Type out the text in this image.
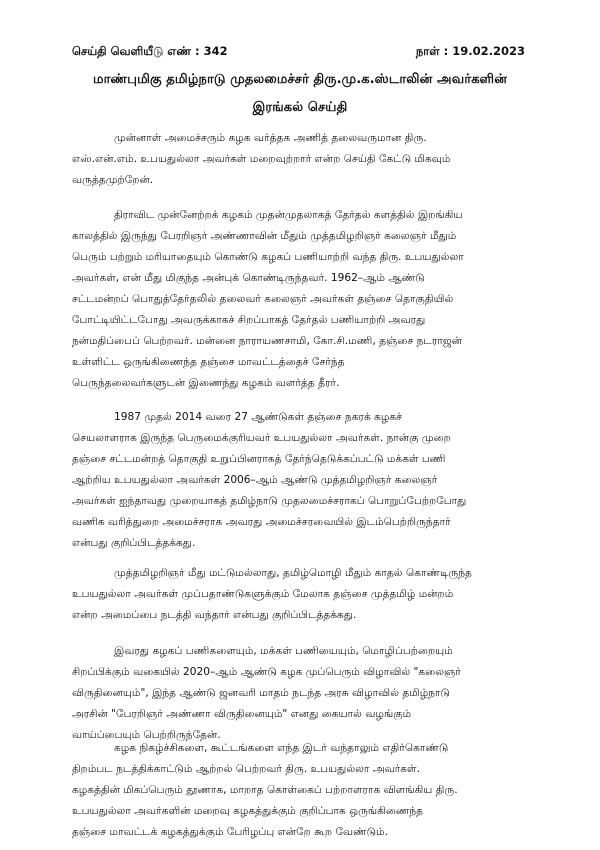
செய்தி வெளியீடு எண் : 342	நாள் : 19.02.2023
மாண்புமிகு தமிழ்நாடு முதலமைச்சர் திரு.மு.க.ஸ்டாலின் அவர்களின்
இரங்கல் செய்தி
முன்னாள் அமைச்சரும் கழக வர்த்தக அணித் தலைவருமான திரு.
எஸ்.என்.எம். உபயதுல்லா அவர்கள் மறைவுற்றார் என்ற செய்தி கேட்டு மிகவும்
வருத்தமுற்றேன்.
திராவிட முன்னேற்றக் கழகம் முதன்முதலாகத் தேர்தல் களத்தில் இறங்கிய
காலத்தில் இருந்து பேரறிஞர் அண்ணாவின் மீதும் முத்தமிழறிஞர் கலைஞர் மீதும்
பெரும் பற்றும் மரியாதையும் கொண்டு கழகப் பணியாற்றி வந்த திரு. உபயதுல்லா
அவர்கள், என் மீது மிகுந்த அன்புக் கொண்டிருந்தவர். 1962–ஆம் ஆண்டு
சட்டமன்றப் பொதுத்தேர்தலில் தலைவர் கலைஞர் அவர்கள் தஞ்சை தொகுதியில்
போட்டியிட்டபோது அவருக்காகச் சிறப்பாகத் தேர்தல் பணியாற்றி அவரது
நன்மதிப்பைப் பெற்றவர். மன்னை நாராயணசாமி, கோ.சி.மணி, தஞ்சை நடராஜன்
உள்ளிட்ட ஒருங்கிணைந்த தஞ்சை மாவட்டத்தைச் சேர்ந்த
பெருந்தலைவர்களுடன் இணைந்து கழகம் வளர்த்த தீரர்.
1987 முதல் 2014 வரை 27 ஆண்டுகள் தஞ்சை நகரக் கழகச்
செயலாளராக இருந்த பெருமைக்குரியவர் உபயதுல்லா அவர்கள். நான்கு முறை
தஞ்சை சட்டமன்றத் தொகுதி உறுப்பினராகத் தேர்ந்தெடுக்கப்பட்டு மக்கள் பணி
ஆற்றிய உபயதுல்லா அவர்கள் 2006–ஆம் ஆண்டு முத்தமிழறிஞர் கலைஞர்
அவர்கள் ஐந்தாவது முறையாகத் தமிழ்நாடு முதலமைச்சராகப் பொறுப்பேற்றபோது
வணிக வரித்துறை அமைச்சராக அவரது அமைச்சரவையில் இடம்பெற்றிருந்தார்
என்பது குறிப்பிடத்தக்கது.
முத்தமிழறிஞர் மீது மட்டுமல்லாது, தமிழ்மொழி மீதும் காதல் கொண்டிருந்த
உபயதுல்லா அவர்கள் முப்பதாண்டுகளுக்கும் மேலாக தஞ்சை முத்தமிழ் மன்றம்
என்ற அமைப்பை நடத்தி வந்தார் என்பது குறிப்பிடத்தக்கது.
இவரது கழகப் பணிகளையும், மக்கள் பணியையும், மொழிப்பற்றையும்
சிறப்பிக்கும் வகையில் 2020–ஆம் ஆண்டு கழக முப்பெரும் விழாவில் "கலைஞர்
விருதினையும்", இந்த ஆண்டு ஜனவரி மாதம் நடந்த அரசு விழாவில் தமிழ்நாடு
அரசின் "பேரறிஞர் அண்ணா விருதினையும்" எனது கையால் வழங்கும்
வாய்ப்பையும் பெற்றிருந்தேன்.
கழக நிகழ்ச்சிகளை, கூட்டங்களை எந்த இடர் வந்தாலும் எதிர்கொண்டு
திறம்பட நடத்திக்காட்டும் ஆற்றல் பெற்றவர் திரு. உபயதுல்லா அவர்கள்.
கழகத்தின் மிகப்பெரும் தூணாக, மாறாத கொள்கைப் பற்றாளராக விளங்கிய திரு.
உபயதுல்லா அவர்களின் மறைவு கழகத்துக்கும் குறிப்பாக ஒருங்கிணைந்த
தஞ்சை மாவட்டக் கழகத்துக்கும் பேரிழப்பு என்றே கூற வேண்டும்.
